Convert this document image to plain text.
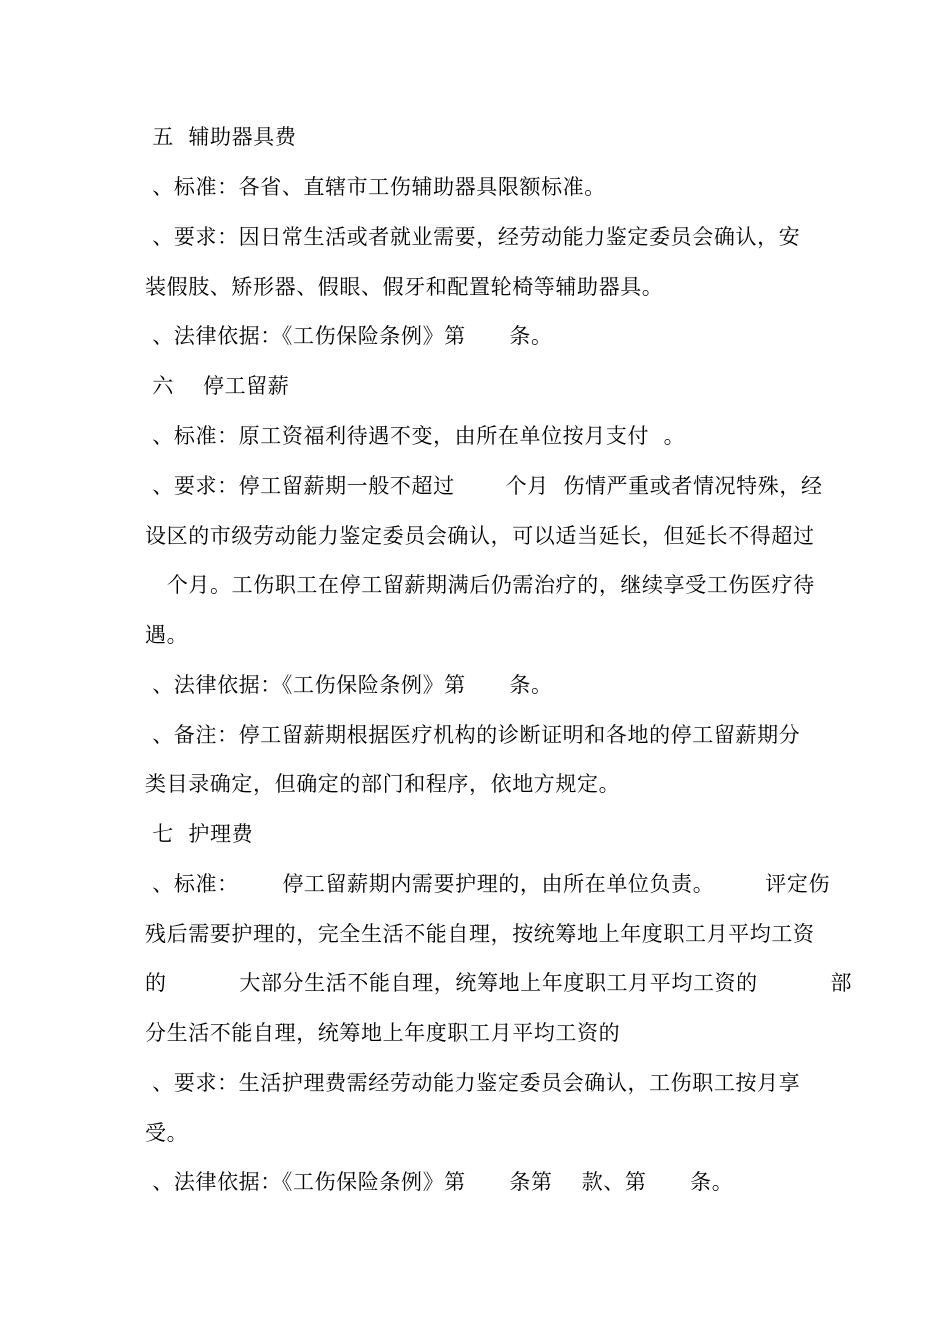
五  辅助器具费
、标准：各省、直辖市工伤辅助器具限额标准。
、要求：因日常生活或者就业需要，经劳动能力鉴定委员会确认，安
装假肢、矫形器、假眼、假牙和配置轮椅等辅助器具。
、法律依据：《工伤保险条例》第      条。
六    停工留薪
、标准：原工资福利待遇不变，由所在单位按月支付  。
、要求：停工留薪期一般不超过       个月  伤情严重或者情况特殊，经
设区的市级劳动能力鉴定委员会确认，可以适当延长，但延长不得超过
个月。工伤职工在停工留薪期满后仍需治疗的，继续享受工伤医疗待
遇。
、法律依据：《工伤保险条例》第      条。
、备注：停工留薪期根据医疗机构的诊断证明和各地的停工留薪期分
类目录确定，但确定的部门和程序，依地方规定。
七  护理费
、标准：      停工留薪期内需要护理的，由所在单位负责。       评定伤
残后需要护理的，完全生活不能自理，按统筹地上年度职工月平均工资
的          大部分生活不能自理，统筹地上年度职工月平均工资的          部
分生活不能自理，统筹地上年度职工月平均工资的
、要求：生活护理费需经劳动能力鉴定委员会确认，工伤职工按月享
受。
、法律依据：《工伤保险条例》第      条第    款、第      条。
